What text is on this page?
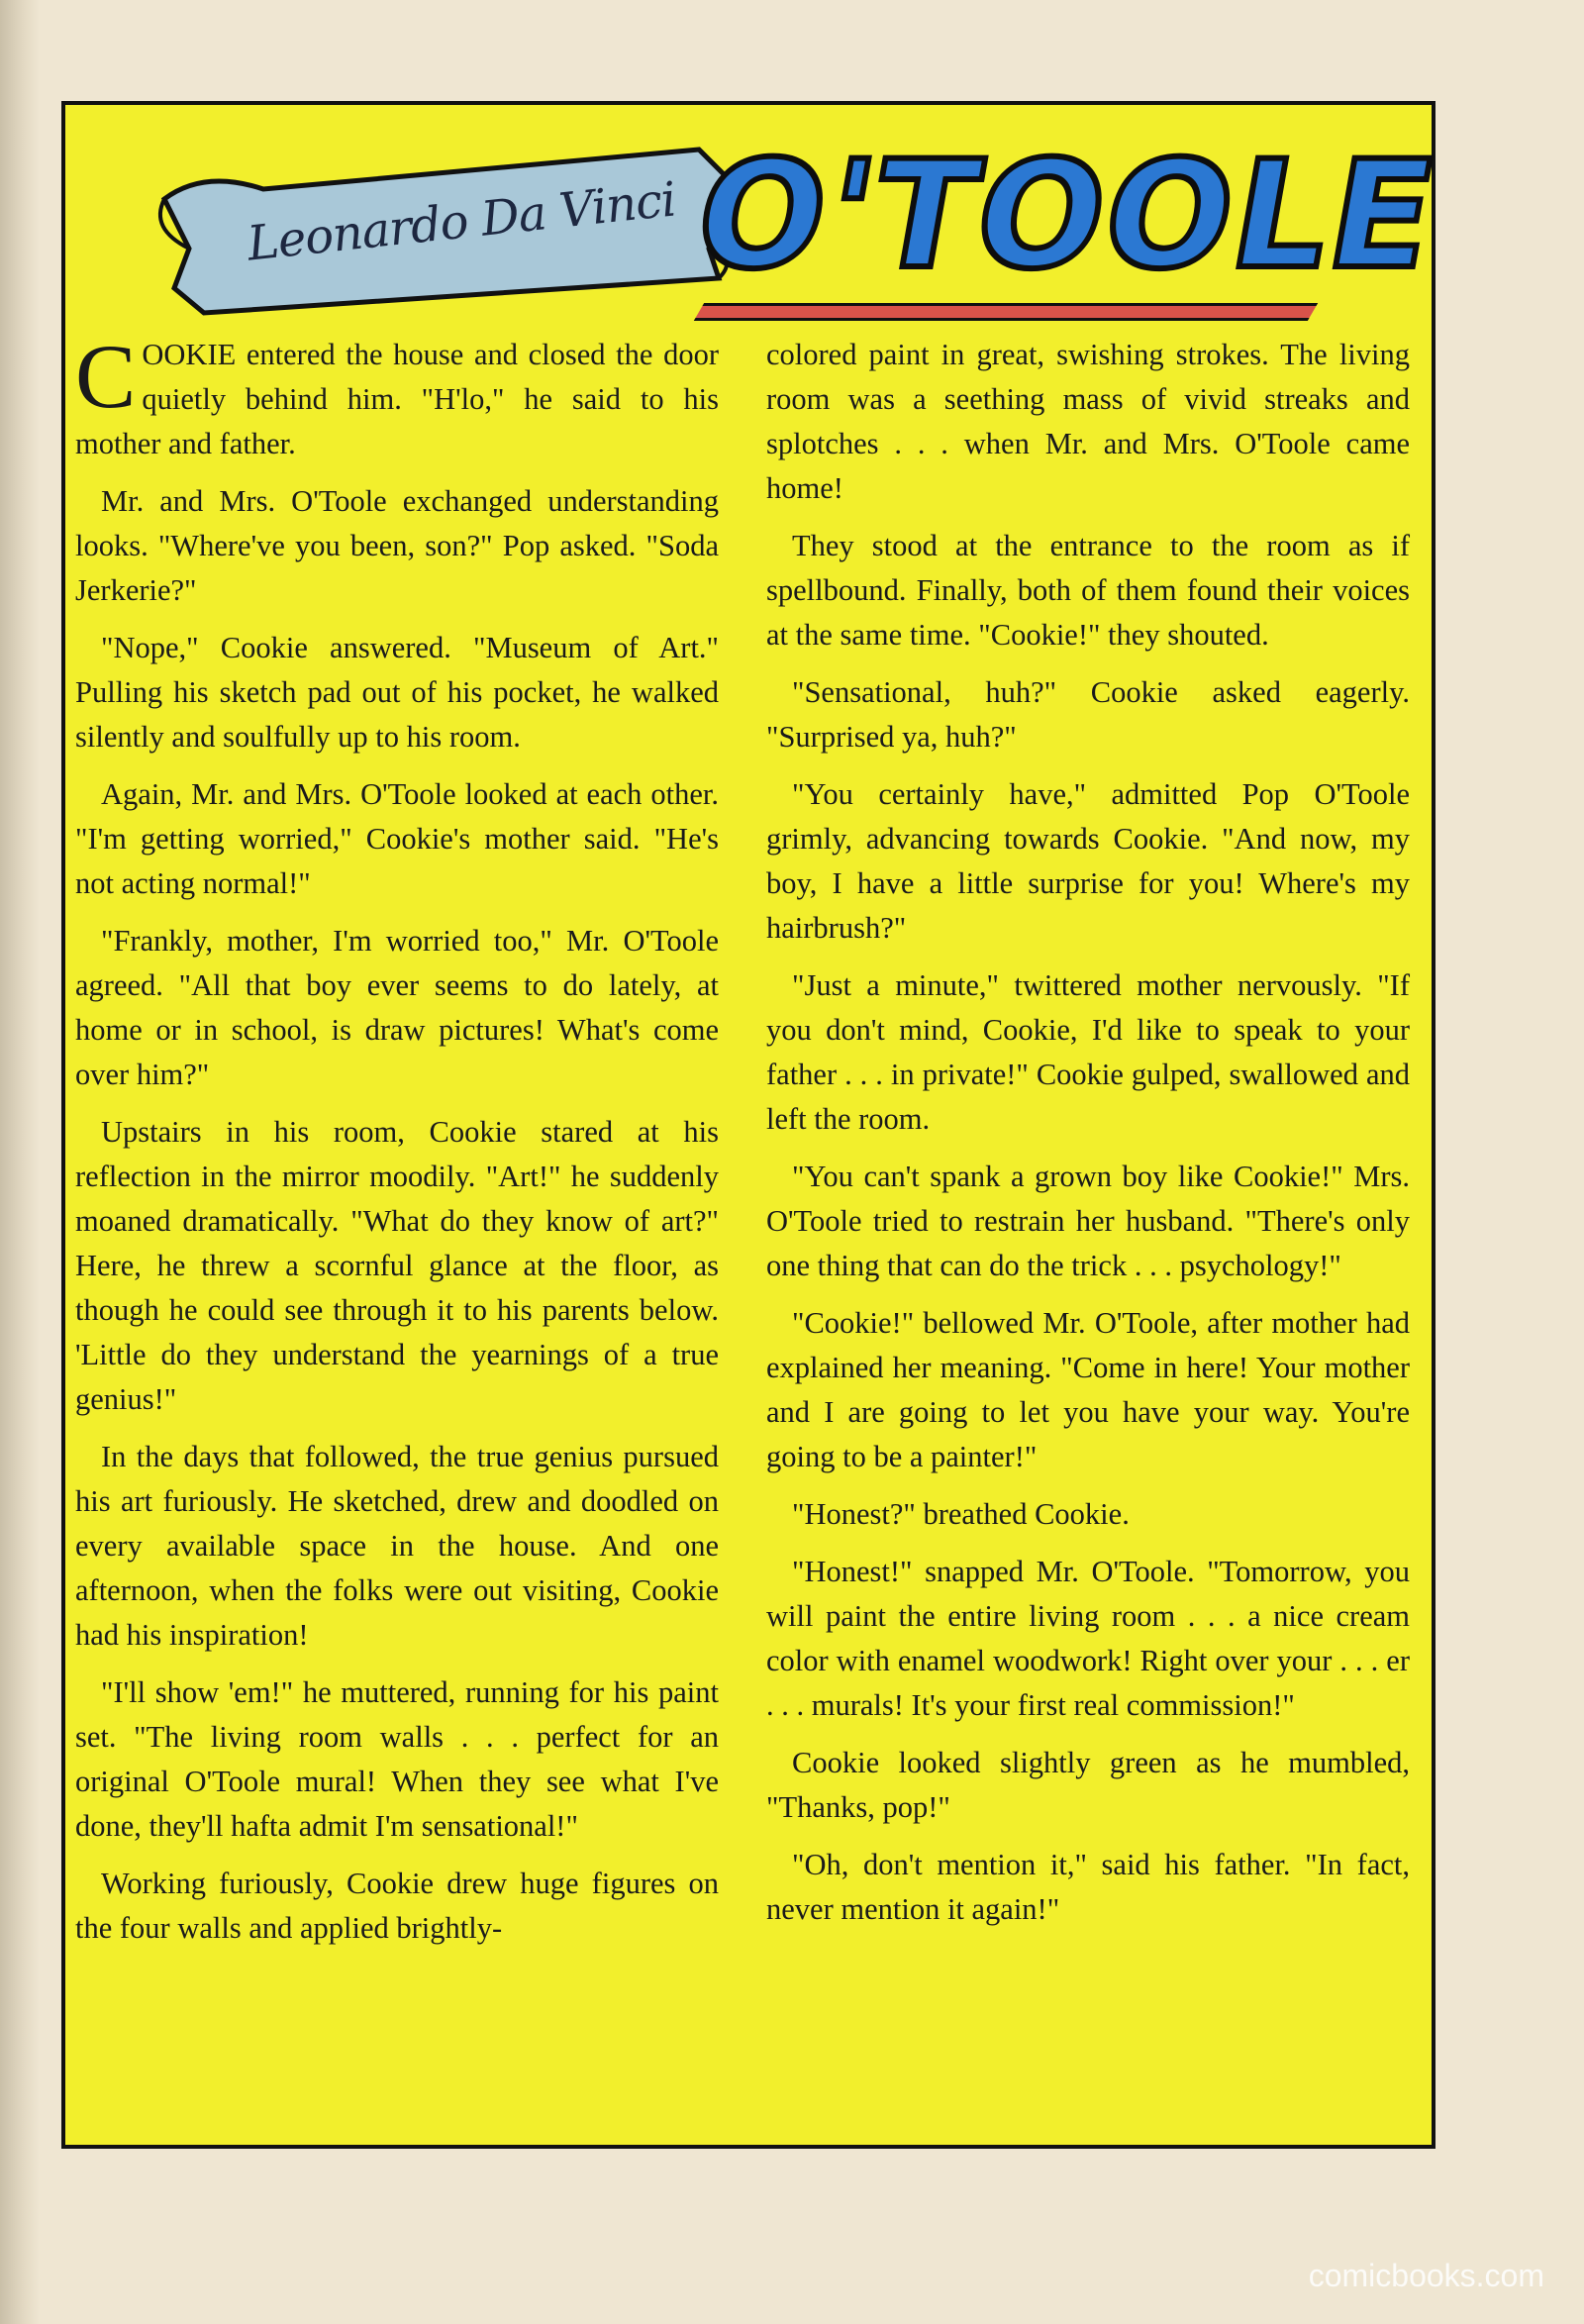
Leonardo Da Vinci O'TOOLE

COOKIE entered the house and closed the door quietly behind him. "H'lo," he said to his mother and father.

Mr. and Mrs. O'Toole exchanged understanding looks. "Where've you been, son?" Pop asked. "Soda Jerkerie?"

"Nope," Cookie answered. "Museum of Art." Pulling his sketch pad out of his pocket, he walked silently and soulfully up to his room.

Again, Mr. and Mrs. O'Toole looked at each other. "I'm getting worried," Cookie's mother said. "He's not acting normal!"

"Frankly, mother, I'm worried too," Mr. O'Toole agreed. "All that boy ever seems to do lately, at home or in school, is draw pictures! What's come over him?"

Upstairs in his room, Cookie stared at his reflection in the mirror moodily. "Art!" he suddenly moaned dramatically. "What do they know of art?" Here, he threw a scornful glance at the floor, as though he could see through it to his parents below. 'Little do they understand the yearnings of a true genius!"

In the days that followed, the true genius pursued his art furiously. He sketched, drew and doodled on every available space in the house. And one afternoon, when the folks were out visiting, Cookie had his inspiration!

"I'll show 'em!" he muttered, running for his paint set. "The living room walls . . . perfect for an original O'Toole mural! When they see what I've done, they'll hafta admit I'm sensational!"

Working furiously, Cookie drew huge figures on the four walls and applied brightly-

colored paint in great, swishing strokes. The living room was a seething mass of vivid streaks and splotches . . . when Mr. and Mrs. O'Toole came home!

They stood at the entrance to the room as if spellbound. Finally, both of them found their voices at the same time. "Cookie!" they shouted.

"Sensational, huh?" Cookie asked eagerly. "Surprised ya, huh?"

"You certainly have," admitted Pop O'Toole grimly, advancing towards Cookie. "And now, my boy, I have a little surprise for you! Where's my hairbrush?"

"Just a minute," twittered mother nervously. "If you don't mind, Cookie, I'd like to speak to your father . . . in private!" Cookie gulped, swallowed and left the room.

"You can't spank a grown boy like Cookie!" Mrs. O'Toole tried to restrain her husband. "There's only one thing that can do the trick . . . psychology!"

"Cookie!" bellowed Mr. O'Toole, after mother had explained her meaning. "Come in here! Your mother and I are going to let you have your way. You're going to be a painter!"

"Honest?" breathed Cookie.

"Honest!" snapped Mr. O'Toole. "Tomorrow, you will paint the entire living room . . . a nice cream color with enamel woodwork! Right over your . . . er . . . murals! It's your first real commission!"

Cookie looked slightly green as he mumbled, "Thanks, pop!"

"Oh, don't mention it," said his father. "In fact, never mention it again!"

comicbooks.com
